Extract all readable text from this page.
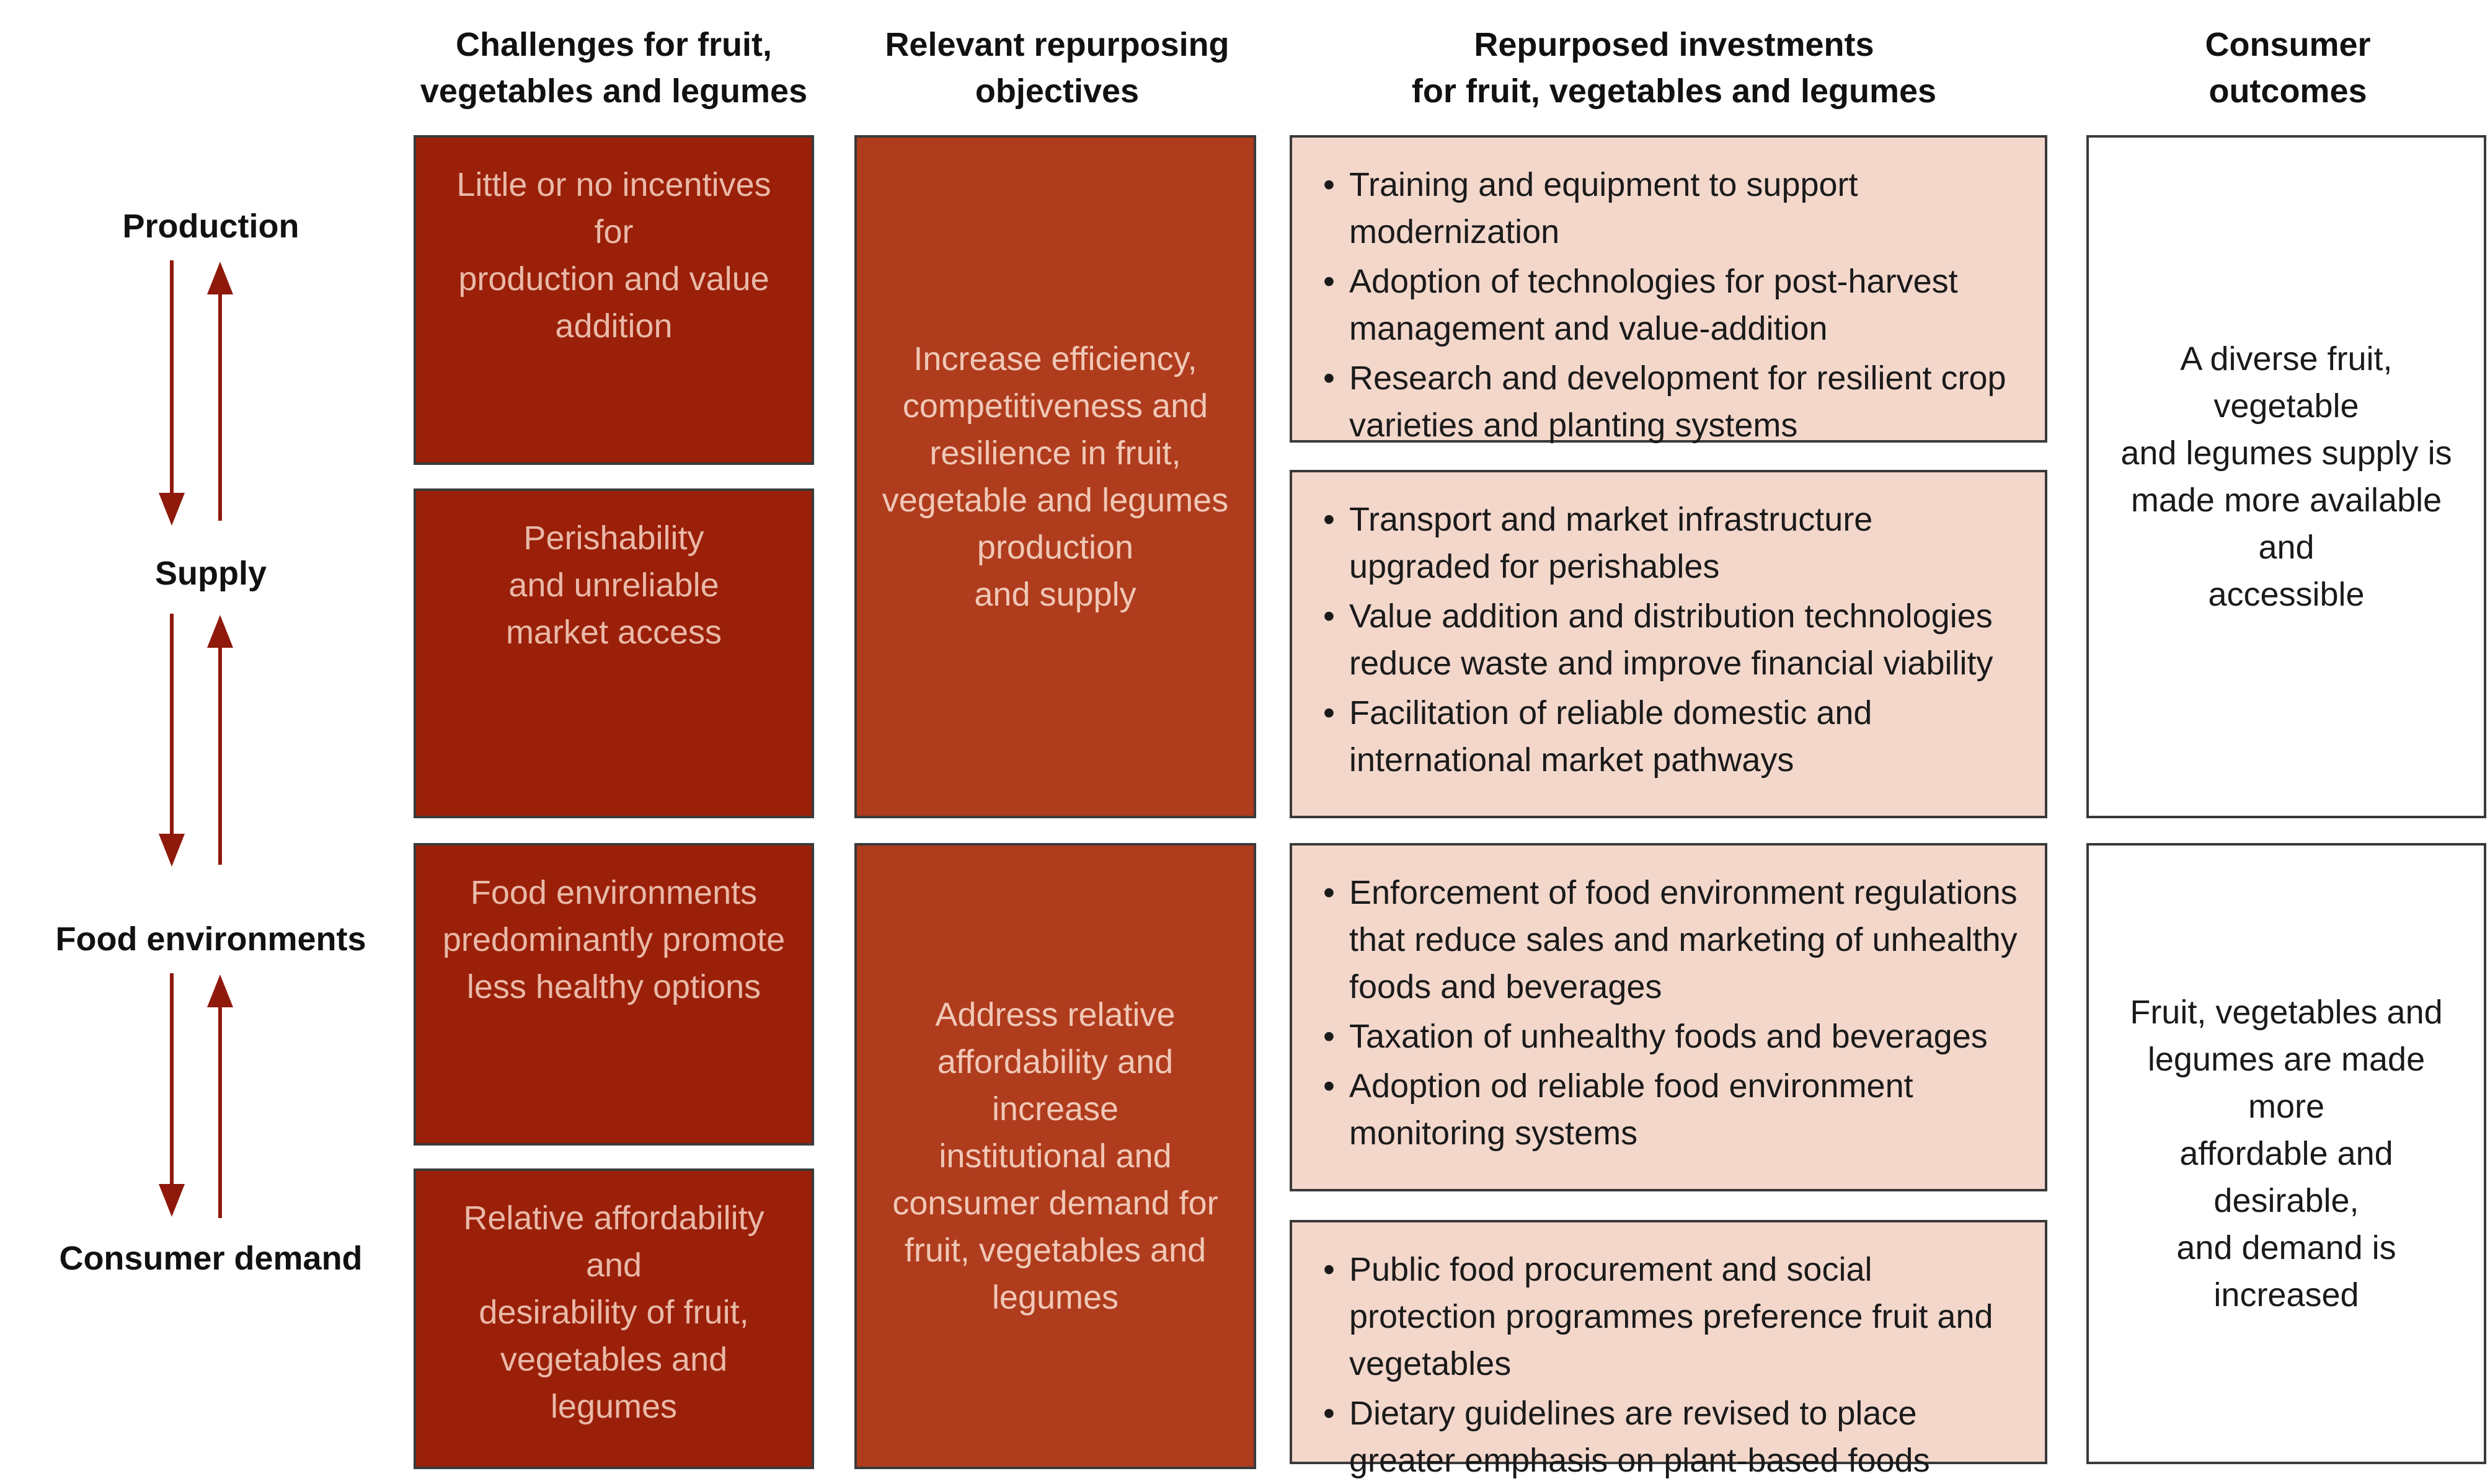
Challenges for fruit,
vegetables and legumes
Relevant repurposing
objectives
Repurposed investments
for fruit, vegetables and legumes
Consumer
outcomes
Production
Supply
Food environments
Consumer demand
Little or no incentives for
production and value
addition
Perishability
and unreliable
market access
Food environments
predominantly promote
less healthy options
Relative affordability and
desirability of fruit,
vegetables and legumes
Increase efficiency,
competitiveness and
resilience in fruit,
vegetable and legumes
production
and supply
Address relative
affordability and increase
institutional and
consumer demand for
fruit, vegetables and
legumes
• Training and equipment to support modernization
• Adoption of technologies for post-harvest management and value-addition
• Research and development for resilient crop varieties and planting systems
• Transport and market infrastructure upgraded for perishables
• Value addition and distribution technologies reduce waste and improve financial viability
• Facilitation of reliable domestic and international market pathways
• Enforcement of food environment regulations that reduce sales and marketing of unhealthy foods and beverages
• Taxation of unhealthy foods and beverages
• Adoption od reliable food environment monitoring systems
• Public food procurement and social protection programmes preference fruit and vegetables
• Dietary guidelines are revised to place greater emphasis on plant-based foods
A diverse fruit, vegetable
and legumes supply is
made more available and
accessible
Fruit, vegetables and
legumes are made more
affordable and desirable,
and demand is increased
